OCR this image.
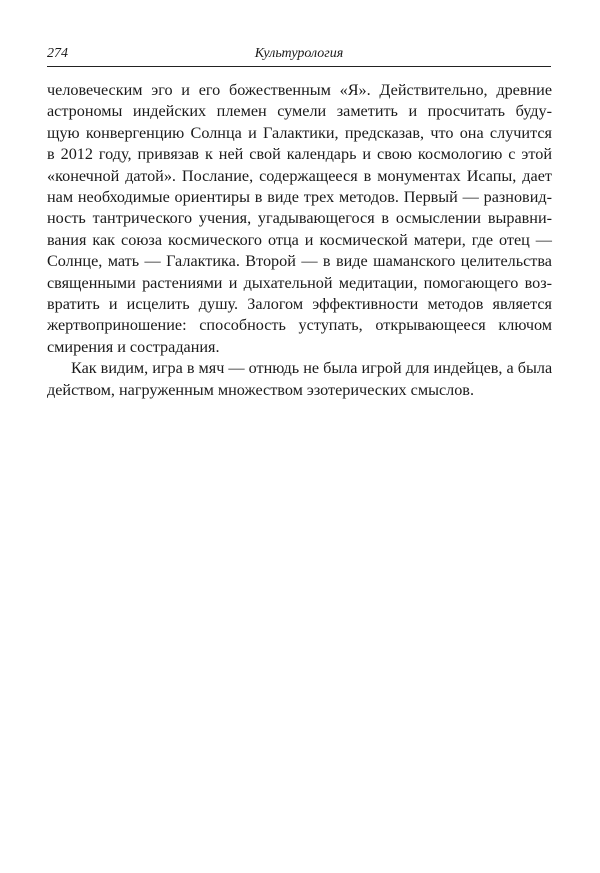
274	Культурология
человеческим эго и его божественным «Я». Действительно, древние
астрономы индейских племен сумели заметить и просчитать буду-
щую конвергенцию Солнца и Галактики, предсказав, что она случится
в 2012 году, привязав к ней свой календарь и свою космологию с этой
«конечной датой». Послание, содержащееся в монументах Исапы, дает
нам необходимые ориентиры в виде трех методов. Первый — разновид-
ность тантрического учения, угадывающегося в осмыслении выравни-
вания как союза космического отца и космической матери, где отец —
Солнце, мать — Галактика. Второй — в виде шаманского целительства
священными растениями и дыхательной медитации, помогающего воз-
вратить и исцелить душу. Залогом эффективности методов является
жертвоприношение: способность уступать, открывающееся ключом
смирения и сострадания.
Как видим, игра в мяч — отнюдь не была игрой для индейцев, а была
действом, нагруженным множеством эзотерических смыслов.
